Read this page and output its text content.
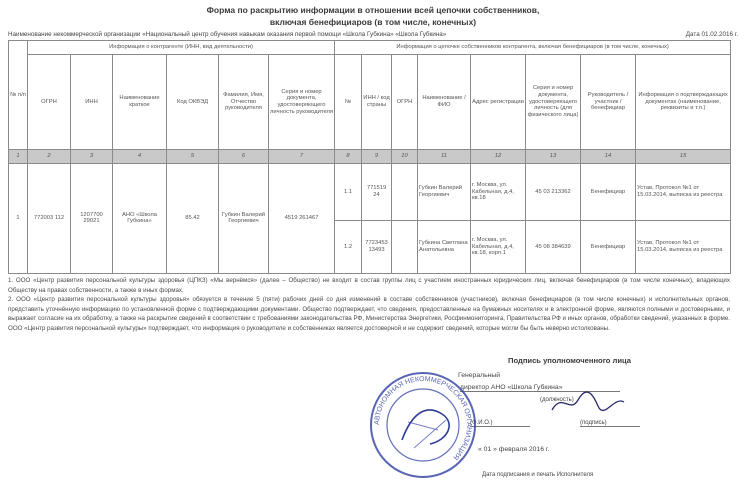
Форма по раскрытию информации в отношении всей цепочки собственников,
включая бенефициаров (в том числе, конечных)
Наименование некоммерческой организации «Национальный центр обучения навыкам оказания первой помощи «Школа Губкина» «Школа Губкина»	Дата 01.02.2016 г.
№ п/п	Информация о контрагенте (ИНН, вид деятельности)						Информация о цепочке собственников контрагента, включая бенефициаров (в том числе, конечных)							
	ОГРН	ИНН	Наименование краткое	Код ОКВЭД	Фамилия, Имя, Отчество руководителя	Серия и номер документа, удостоверяющего личность руководителя	№	ИНН / код страны	ОГРН	Наименование / ФИО	Адрес регистрации	Серия и номер документа, удостоверяющего личность (для физического лица)	Руководитель / участник / бенефициар	Информация о подтверждающих документах (наименование, реквизиты и т.п.)
1	2	3	4	5	6	7	8	9	10	11	12	13	14	15
1	772003 112	1207700 29021	АНО «Школа Губкина»	85.42	Губкин Валерий Георгиевич	4519 261467	1.1	771519 24		Губкин Валерий Георгиевич	г. Москва, ул. Кабельная, д.4, кв.18	45 03 213362	Бенефициар	Устав, Протокол №1 от 15.03.2014, выписка из реестра
							1.2	7723453 13493		Губкина Светлана Анатольевна	г. Москва, ул. Кабельная, д.4, кв.18, корп.1	45 08 384639	Бенефициар	Устав, Протокол №1 от 15.03.2014, выписка из реестра

1. ООО «Центр развития персональной культуры здоровья (ЦПКЗ) «Мы вернёмся» (далее – Общество) не входит в состав группы лиц с участием иностранных юридических лиц, включая бенефициаров (в том числе конечных), владеющих Обществу на правах собственности, а также в иных формах.

2. ООО «Центр развития персональной культуры здоровья» обязуется в течение 5 (пяти) рабочих дней со дня изменений в составе собственников (участников), включая бенефициаров (в том числе конечных) и исполнительных органов, представить уточнённую информацию по установленной форме с подтверждающими документами. Общество подтверждает, что сведения, предоставленные на бумажных носителях и в электронной форме, являются полными и достоверными, и выражает согласие на их обработку, а также на раскрытие сведений в соответствии с требованиями законодательства РФ, Министерства Энергетики, Росфинмониторинга, Правительства РФ и иных органов, обработки сведений, указанных в форме. ООО «Центр развития персональной культуры» подтверждает, что информация о руководителе и собственниках является достоверной и не содержит сведений, которые могли бы быть неверно истолкованы.

Подпись уполномоченного лица
Генеральный
директор АНО «Школа Губкина»
(должность)
(Ф.И.О.)	(подпись)
« 01 » февраля 2016 г.
Дата подписания и печать Исполнителя
АВТОНОМНАЯ НЕКОММЕРЧЕСКАЯ ОРГАНИЗАЦИЯ
